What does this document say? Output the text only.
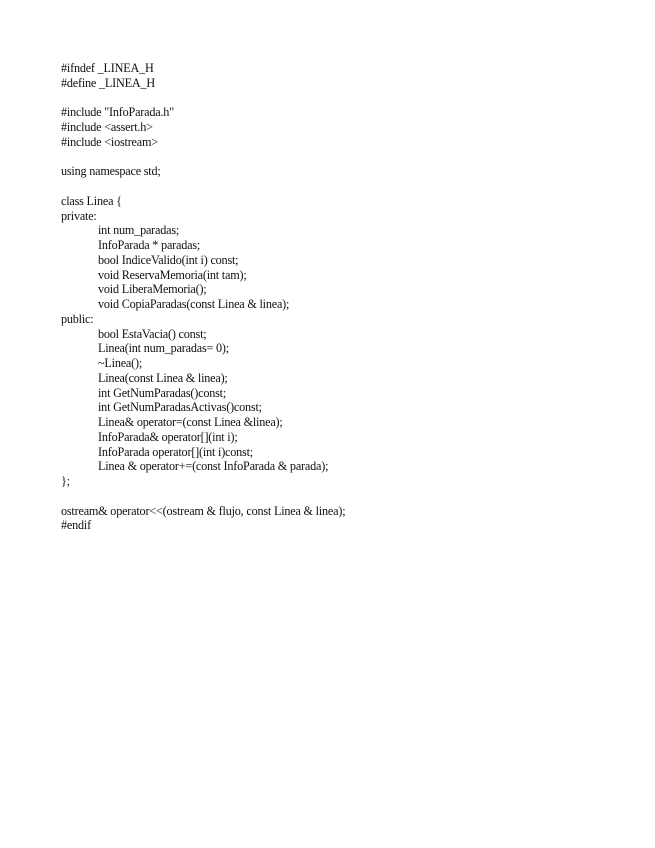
#ifndef _LINEA_H
#define _LINEA_H
#include "InfoParada.h"
#include <assert.h>
#include <iostream>
using namespace std;
class Linea {
private:
int num_paradas;
InfoParada * paradas;
bool IndiceValido(int i) const;
void ReservaMemoria(int tam);
void LiberaMemoria();
void CopiaParadas(const Linea & linea);
public:
bool EstaVacia() const;
Linea(int num_paradas= 0);
~Linea();
Linea(const Linea & linea);
int GetNumParadas()const;
int GetNumParadasActivas()const;
Linea& operator=(const Linea &linea);
InfoParada& operator[](int i);
InfoParada operator[](int i)const;
Linea & operator+=(const InfoParada & parada);
};
ostream& operator<<(ostream & flujo, const Linea & linea);
#endif
